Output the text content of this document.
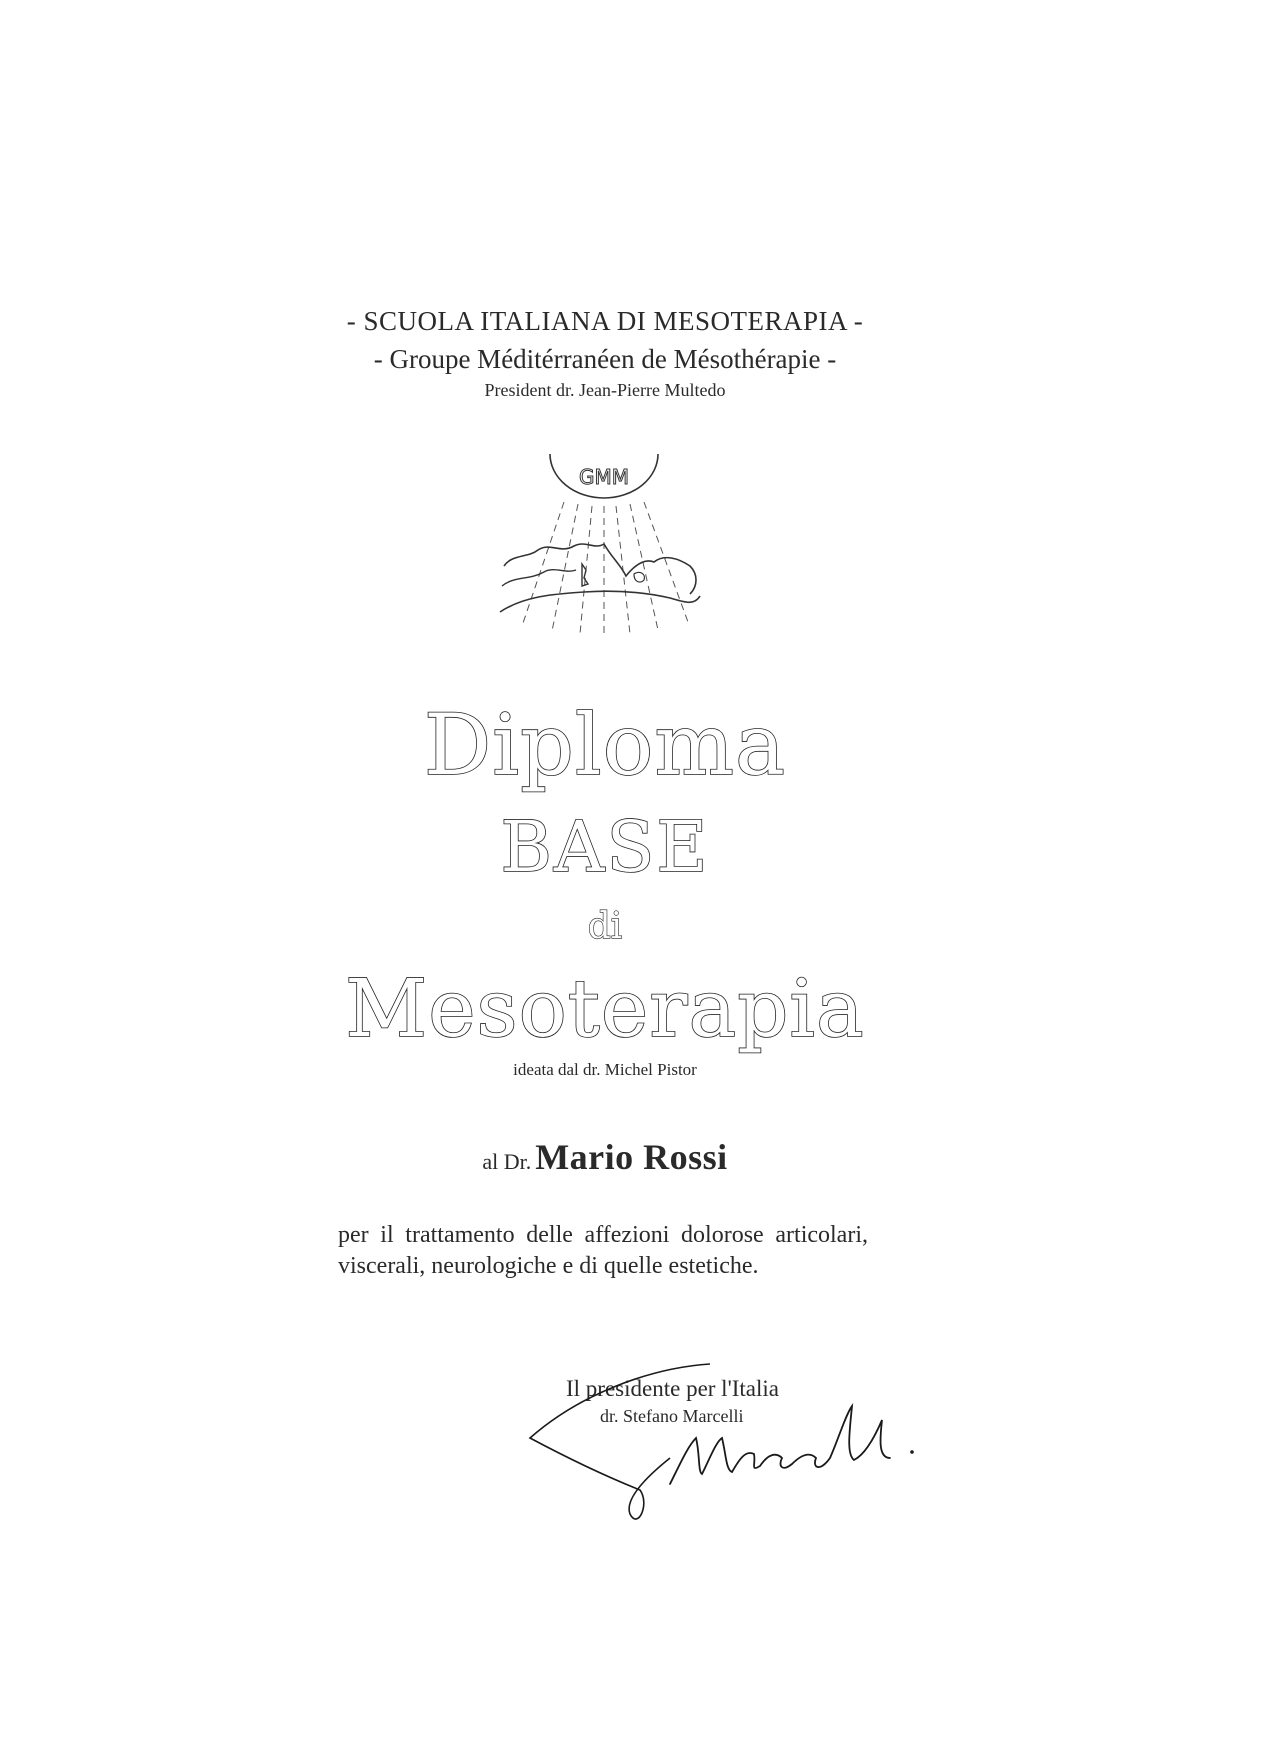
- SCUOLA ITALIANA DI MESOTERAPIA -
- Groupe Méditérranéen de Mésothérapie -
President dr. Jean-Pierre Multedo
GMM
Diploma
BASE
di
Mesoterapia
ideata dal dr. Michel Pistor
al Dr. Mario Rossi
per il trattamento delle affezioni dolorose articolari, viscerali, neurologiche e di quelle estetiche.
Il presidente per l'Italia
dr. Stefano Marcelli
